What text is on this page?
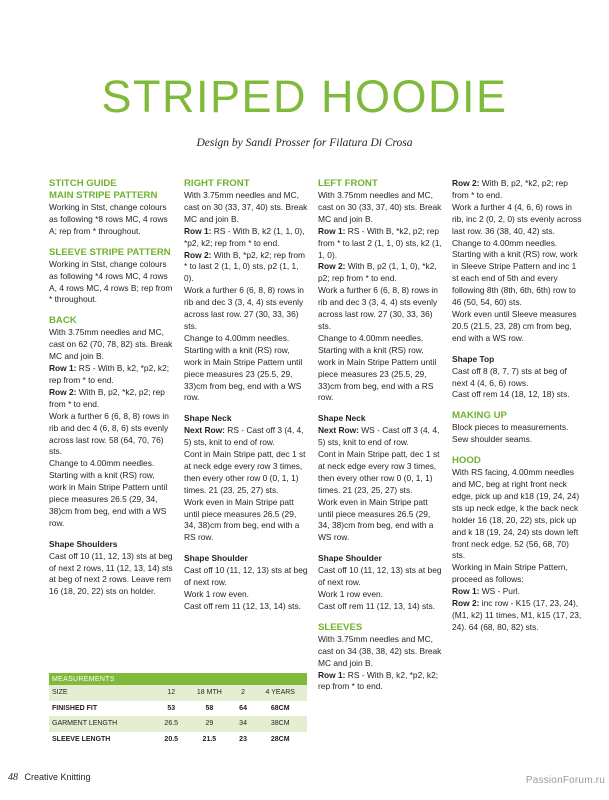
STRIPED HOODIE
Design by Sandi Prosser for Filatura Di Crosa

STITCH GUIDE

MAIN STRIPE PATTERN

Working in Stst, change colours as following *8 rows MC, 4 rows A; rep from * throughout.

SLEEVE STRIPE PATTERN

Working in Stst, change colours as following *4 rows MC, 4 rows A, 4 rows MC, 4 rows B; rep from * throughout.

BACK

With 3.75mm needles and MC, cast on 62 (70, 78, 82) sts. Break MC and join B.

Row 1: RS - With B, k2, *p2, k2; rep from * to end.

Row 2: With B, p2, *k2, p2; rep from * to end.

Work a further 6 (6, 8, 8) rows in rib and dec 4 (6, 8, 6) sts evenly across last row. 58 (64, 70, 76) sts.

Change to 4.00mm needles. Starting with a knit (RS) row, work in Main Stripe Pattern until piece measures 26.5 (29, 34, 38)cm from beg, end with a WS row.

Shape Shoulders

Cast off 10 (11, 12, 13) sts at beg of next 2 rows, 11 (12, 13, 14) sts at beg of next 2 rows. Leave rem 16 (18, 20, 22) sts on holder.

RIGHT FRONT

With 3.75mm needles and MC, cast on 30 (33, 37, 40) sts. Break MC and join B.

Row 1: RS - With B, k2 (1, 1, 0), *p2, k2; rep from * to end.

Row 2: With B, *p2, k2; rep from * to last 2 (1, 1, 0) sts, p2 (1, 1, 0).

Work a further 6 (6, 8, 8) rows in rib and dec 3 (3, 4, 4) sts evenly across last row. 27 (30, 33, 36) sts.

Change to 4.00mm needles. Starting with a knit (RS) row, work in Main Stripe Pattern until piece measures 23 (25.5, 29, 33)cm from beg, end with a WS row.

Shape Neck

Next Row: RS - Cast off 3 (4, 4, 5) sts, knit to end of row.

Cont in Main Stripe patt, dec 1 st at neck edge every row 3 times, then every other row 0 (0, 1, 1) times. 21 (23, 25, 27) sts.

Work even in Main Stripe patt until piece measures 26.5 (29, 34, 38)cm from beg, end with a RS row.

Shape Shoulder

Cast off 10 (11, 12, 13) sts at beg of next row.

Work 1 row even.

Cast off rem 11 (12, 13, 14) sts.

LEFT FRONT

With 3.75mm needles and MC, cast on 30 (33, 37, 40) sts. Break MC and join B.

Row 1: RS - With B, *k2, p2; rep from * to last 2 (1, 1, 0) sts, k2 (1, 1, 0).

Row 2: With B, p2 (1, 1, 0), *k2, p2; rep from * to end.

Work a further 6 (6, 8, 8) rows in rib and dec 3 (3, 4, 4) sts evenly across last row. 27 (30, 33, 36) sts.

Change to 4.00mm needles. Starting with a knit (RS) row, work in Main Stripe Pattern until piece measures 23 (25.5, 29, 33)cm from beg, end with a RS row.

Shape Neck

Next Row: WS - Cast off 3 (4, 4, 5) sts, knit to end of row.

Cont in Main Stripe patt, dec 1 st at neck edge every row 3 times, then every other row 0 (0, 1, 1) times. 21 (23, 25, 27) sts.

Work even in Main Stripe patt until piece measures 26.5 (29, 34, 38)cm from beg, end with a WS row.

Shape Shoulder

Cast off 10 (11, 12, 13) sts at beg of next row.

Work 1 row even.

Cast off rem 11 (12, 13, 14) sts.

SLEEVES

With 3.75mm needles and MC, cast on 34 (38, 38, 42) sts. Break MC and join B.

Row 1: RS - With B, k2, *p2, k2; rep from * to end.

Row 2: With B, p2, *k2, p2; rep from * to end.

Work a further 4 (4, 6, 6) rows in rib, inc 2 (0, 2, 0) sts evenly across last row. 36 (38, 40, 42) sts.

Change to 4.00mm needles. Starting with a knit (RS) row, work in Sleeve Stripe Pattern and inc 1 st each end of 5th and every following 8th (8th, 6th, 6th) row to 46 (50, 54, 60) sts.

Work even until Sleeve measures 20.5 (21.5, 23, 28) cm from beg, end with a WS row.

Shape Top

Cast off 8 (8, 7, 7) sts at beg of next 4 (4, 6, 6) rows.

Cast off rem 14 (18, 12, 18) sts.

MAKING UP

Block pieces to measurements. Sew shoulder seams.

HOOD

With RS facing, 4.00mm needles and MC, beg at right front neck edge, pick up and k18 (19, 24, 24) sts up neck edge, k the back neck holder 16 (18, 20, 22) sts, pick up and k 18 (19, 24, 24) sts down left front neck edge. 52 (56, 68, 70) sts.

Working in Main Stripe Pattern, proceed as follows:

Row 1: WS - Purl.

Row 2: inc row - K15 (17, 23, 24), (M1, k2) 11 times, M1, k15 (17, 23, 24). 64 (68, 80, 82) sts.

MEASUREMENTS				
SIZE	12	18 MTH	2	4 YEARS
FINISHED FIT	53	58	64	68CM
GARMENT LENGTH	26.5	29	34	38CM
SLEEVE LENGTH	20.5	21.5	23	28CM
48 Creative Knitting	PassionForum.ru
